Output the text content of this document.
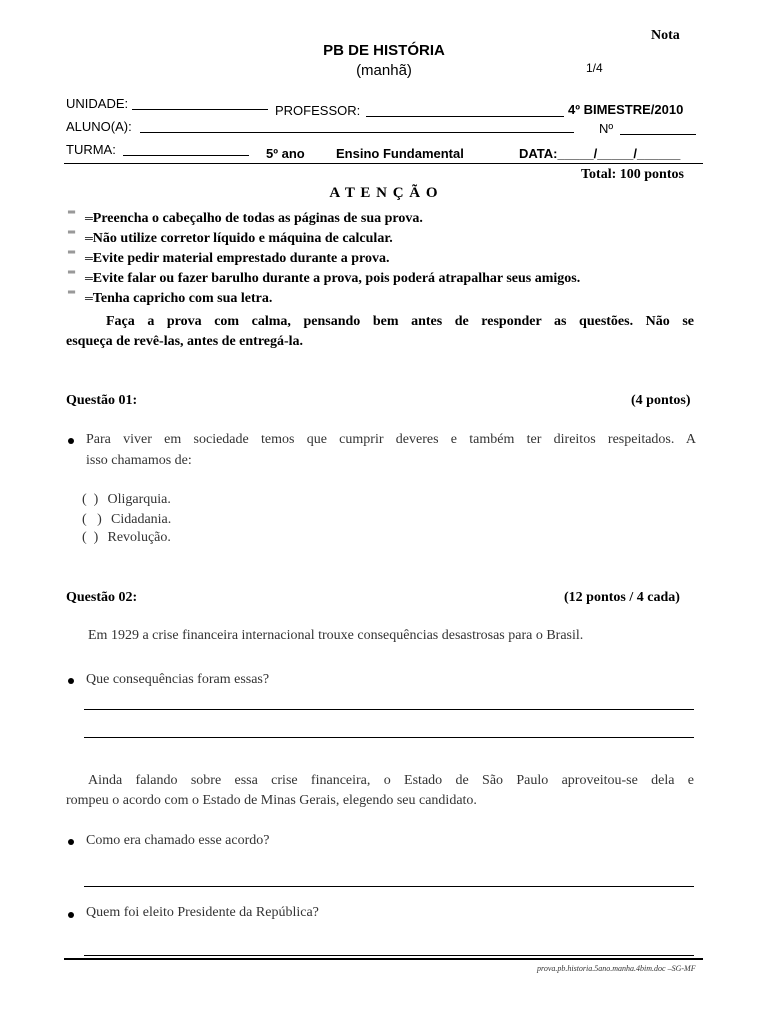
Nota
PB DE HISTÓRIA
(manhã)	1/4
UNIDADE:	PROFESSOR:	4º BIMESTRE/2010
ALUNO(A):	Nº
TURMA:	5º ano Ensino Fundamental	DATA:_____/_____/______
Total: 100 pontos
A T E N Ç Ã O
═
═Preencha o cabeçalho de todas as páginas de sua prova.
═
═Não utilize corretor líquido e máquina de calcular.
═
═Evite pedir material emprestado durante a prova.
═
═Evite falar ou fazer barulho durante a prova, pois poderá atrapalhar seus amigos.
═
═Tenha capricho com sua letra.
Faça a prova com calma, pensando bem antes de responder as questões. Não se
esqueça de revê-las, antes de entregá-la.
Questão 01:	(4 pontos)
Para viver em sociedade temos que cumprir deveres e também ter direitos respeitados. A
isso chamamos de:
(  ) Oligarquia.
(   ) Cidadania.
(  ) Revolução.
Questão 02:	(12 pontos / 4 cada)
Em 1929 a crise financeira internacional trouxe consequências desastrosas para o Brasil.
Que consequências foram essas?
Ainda falando sobre essa crise financeira, o Estado de São Paulo aproveitou-se dela e
rompeu o acordo com o Estado de Minas Gerais, elegendo seu candidato.
Como era chamado esse acordo?
Quem foi eleito Presidente da República?
prova.pb.historia.5ano.manha.4bim.doc –SG-MF
